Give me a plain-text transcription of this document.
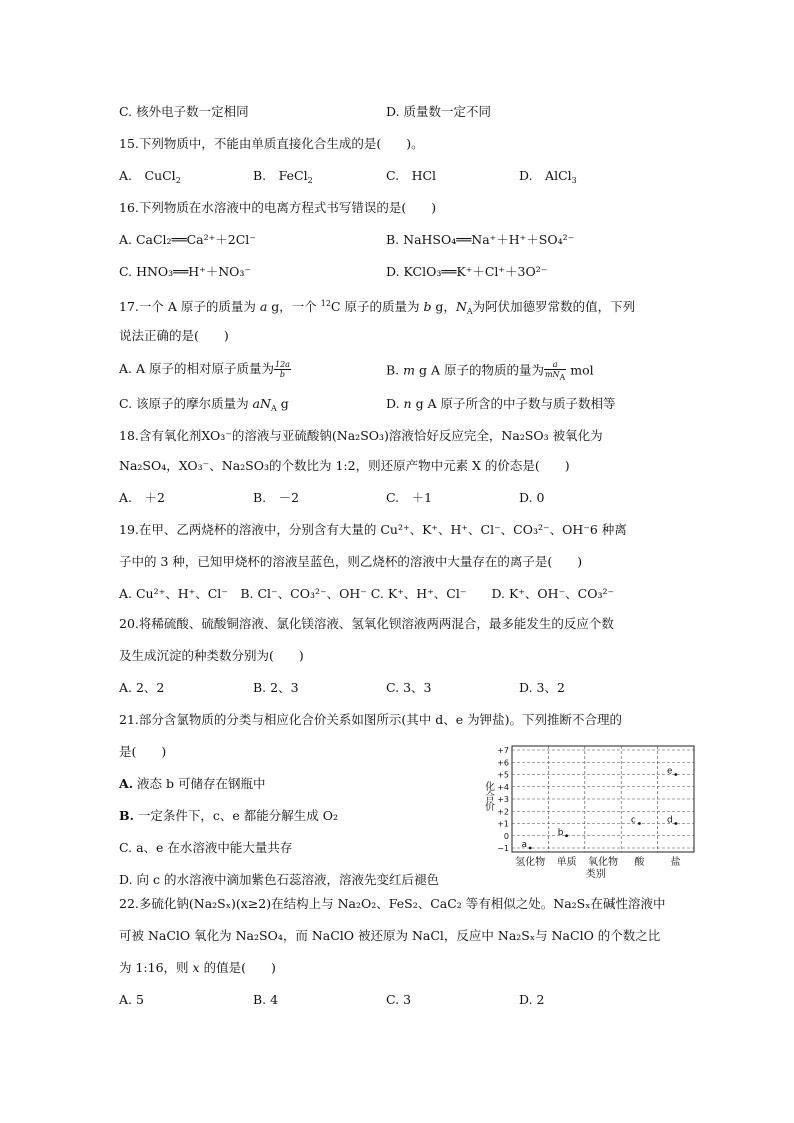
C. 核外电子数一定相同	D. 质量数一定不同
15.下列物质中，不能由单质直接化合生成的是(　　)。
A.　CuCl$_2$	B.　FeCl$_2$	C.　HCl	D.　AlCl$_3$
16.下列物质在水溶液中的电离方程式书写错误的是(　　)
A. CaCl₂══Ca²⁺＋2Cl⁻	B. NaHSO₄══Na⁺＋H⁺＋SO₄²⁻
C. HNO₃══H⁺＋NO₃⁻	D. KClO₃══K⁺＋Cl⁺＋3O²⁻
17.一个 A 原子的质量为 a g，一个 $^{12}$C 原子的质量为 b g，$N_A$为阿伏加德罗常数的值，下列
说法正确的是(　　)
A. A 原子的相对原子质量为 $\frac{12a}{b}$	B. m g A 原子的物质的量为	a
$mN_A$ mol
C. 该原子的摩尔质量为 $aN_A$ g	D. n g A 原子所含的中子数与质子数相等
18.含有氧化剂XO₃⁻的溶液与亚硫酸钠(Na₂SO₃)溶液恰好反应完全，Na₂SO₃ 被氧化为
Na₂SO₄，XO₃⁻、Na₂SO₃的个数比为 1:2，则还原产物中元素 X 的价态是(　　)
A.　＋2	B.　－2	C.　＋1	D. 0
19.在甲、乙两烧杯的溶液中，分别含有大量的 Cu²⁺、K⁺、H⁺、Cl⁻、CO₃²⁻、OH⁻6 种离
子中的 3 种，已知甲烧杯的溶液呈蓝色，则乙烧杯的溶液中大量存在的离子是(　　)
A. Cu²⁺、H⁺、Cl⁻　B. Cl⁻、CO₃²⁻、OH⁻ C. K⁺、H⁺、Cl⁻　　D. K⁺、OH⁻、CO₃²⁻
20.将稀硫酸、硫酸铜溶液、氯化镁溶液、氢氧化钡溶液两两混合，最多能发生的反应个数
及生成沉淀的种类数分别为(　　)
A. 2、2	B. 2、3	C. 3、3	D. 3、2
21.部分含氯物质的分类与相应化合价关系如图所示(其中 d、e 为钾盐)。下列推断不合理的
是(　　)
A. 液态 b 可储存在钢瓶中
B. 一定条件下，c、e 都能分解生成 O₂
C. a、e 在水溶液中能大量共存
D. 向 c 的水溶液中滴加紫色石蕊溶液，溶液先变红后褪色
+7
+6
+5
+4
+3
+2
+1
0
−1
化合价
氢化物 单质 氧化物 酸	盐
类别
a
b
c	d
e
22.多硫化钠(Na₂Sₓ)(x≥2)在结构上与 Na₂O₂、FeS₂、CaC₂ 等有相似之处。Na₂Sₓ在碱性溶液中
可被 NaClO 氧化为 Na₂SO₄，而 NaClO 被还原为 NaCl，反应中 Na₂Sₓ与 NaClO 的个数之比
为 1:16，则 x 的值是(　　)
A. 5	B. 4	C. 3	D. 2
